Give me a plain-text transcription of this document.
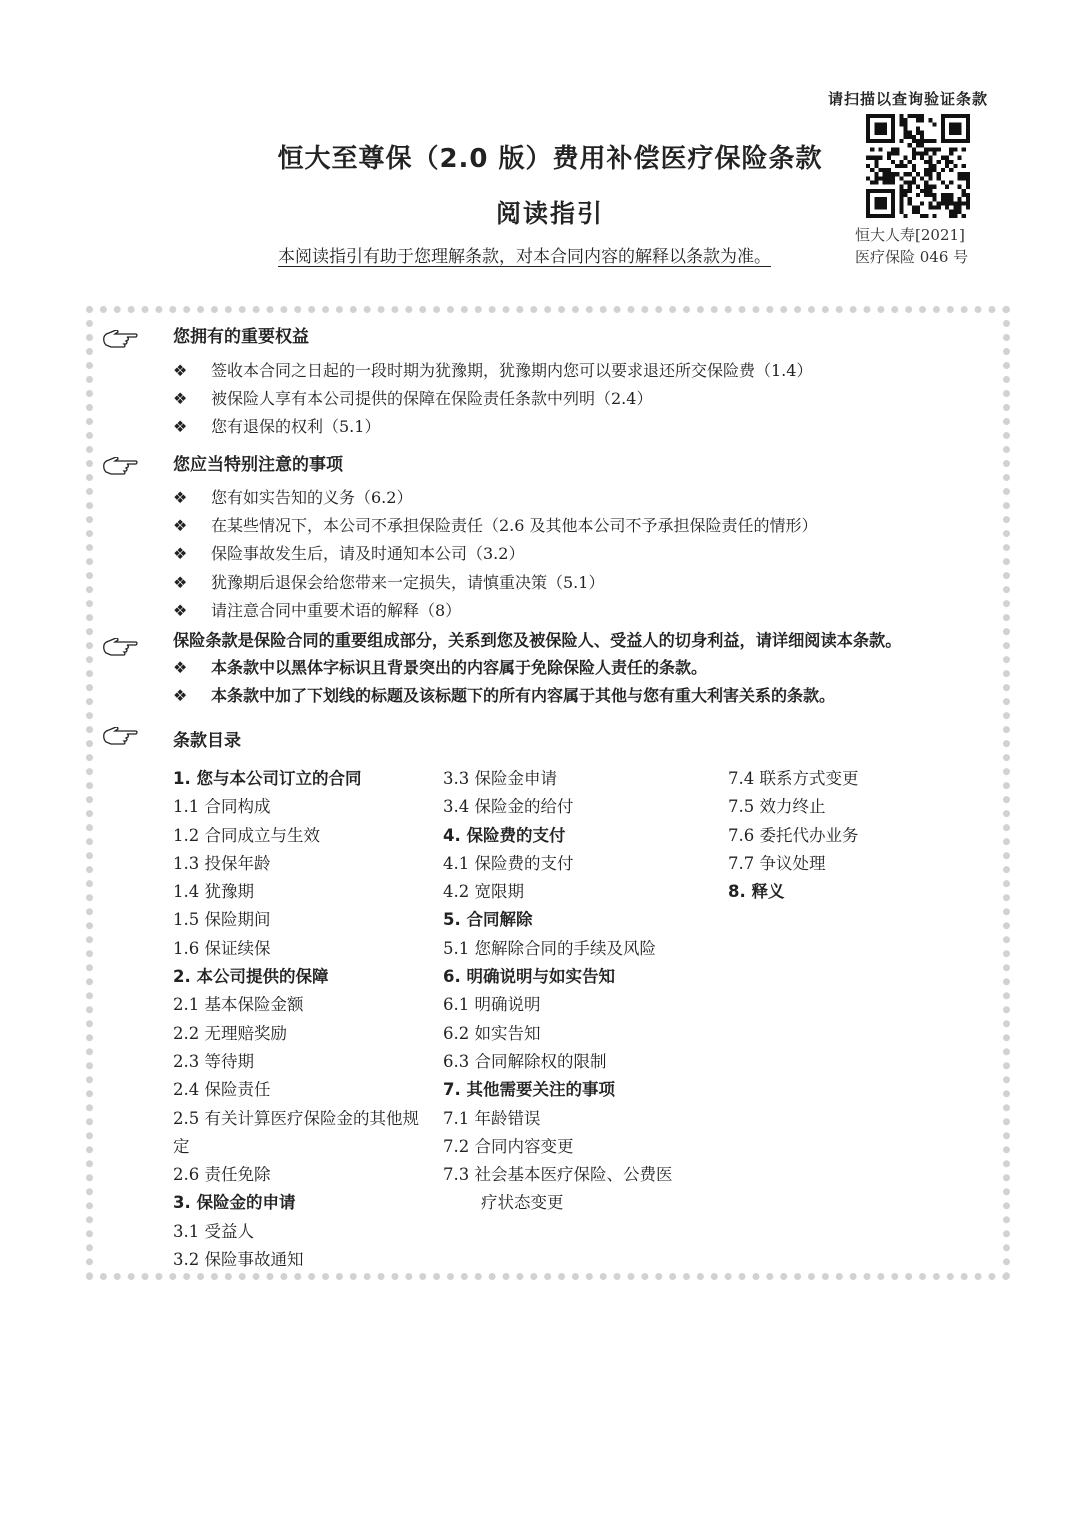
请扫描以查询验证条款
恒大人寿[2021]
医疗保险 046 号
恒大至尊保（2.0 版）费用补偿医疗保险条款
阅读指引
本阅读指引有助于您理解条款，对本合同内容的解释以条款为准。
您拥有的重要权益
❖ 签收本合同之日起的一段时期为犹豫期，犹豫期内您可以要求退还所交保险费（1.4）
❖ 被保险人享有本公司提供的保障在保险责任条款中列明（2.4）
❖ 您有退保的权利（5.1）
您应当特别注意的事项
❖ 您有如实告知的义务（6.2）
❖ 在某些情况下，本公司不承担保险责任（2.6 及其他本公司不予承担保险责任的情形）
❖ 保险事故发生后，请及时通知本公司（3.2）
❖ 犹豫期后退保会给您带来一定损失，请慎重决策（5.1）
❖ 请注意合同中重要术语的解释（8）
保险条款是保险合同的重要组成部分，关系到您及被保险人、受益人的切身利益，请详细阅读本条款。
❖ 本条款中以黑体字标识且背景突出的内容属于免除保险人责任的条款。
❖ 本条款中加了下划线的标题及该标题下的所有内容属于其他与您有重大利害关系的条款。
条款目录
1. 您与本公司订立的合同
1.1 合同构成
1.2 合同成立与生效
1.3 投保年龄
1.4 犹豫期
1.5 保险期间
1.6 保证续保
2. 本公司提供的保障
2.1 基本保险金额
2.2 无理赔奖励
2.3 等待期
2.4 保险责任
2.5 有关计算医疗保险金的其他规定
2.6 责任免除
3. 保险金的申请
3.1 受益人
3.2 保险事故通知
3.3 保险金申请
3.4 保险金的给付
4. 保险费的支付
4.1 保险费的支付
4.2 宽限期
5. 合同解除
5.1 您解除合同的手续及风险
6. 明确说明与如实告知
6.1 明确说明
6.2 如实告知
6.3 合同解除权的限制
7. 其他需要关注的事项
7.1 年龄错误
7.2 合同内容变更
7.3 社会基本医疗保险、公费医
疗状态变更
7.4 联系方式变更
7.5 效力终止
7.6 委托代办业务
7.7 争议处理
8. 释义
